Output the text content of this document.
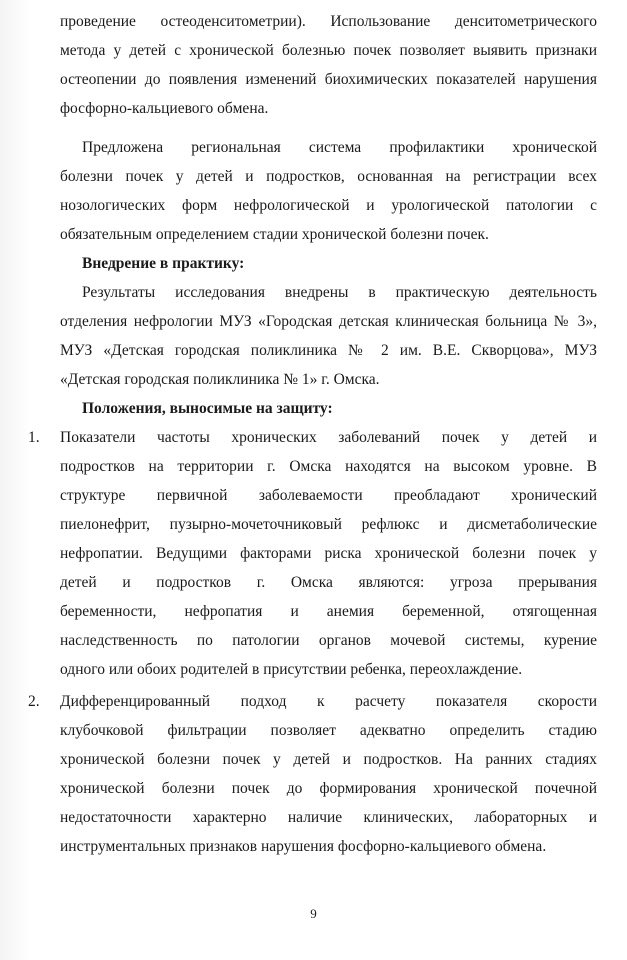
проведение остеоденситометрии). Использование денситометрического
метода у детей с хронической болезнью почек позволяет выявить признаки
остеопении до появления изменений биохимических показателей нарушения
фосфорно-кальциевого обмена.
Предложена региональная система профилактики хронической
болезни почек у детей и подростков, основанная на регистрации всех
нозологических форм нефрологической и урологической патологии с
обязательным определением стадии хронической болезни почек.
Внедрение в практику:
Результаты исследования внедрены в практическую деятельность
отделения нефрологии МУЗ «Городская детская клиническая больница № 3»,
МУЗ «Детская городская поликлиника № 2 им. В.Е. Скворцова», МУЗ
«Детская городская поликлиника № 1» г. Омска.
Положения, выносимые на защиту:
1. Показатели частоты хронических заболеваний почек у детей и
подростков на территории г. Омска находятся на высоком уровне. В
структуре первичной заболеваемости преобладают хронический
пиелонефрит, пузырно-мочеточниковый рефлюкс и дисметаболические
нефропатии. Ведущими факторами риска хронической болезни почек у
детей и подростков г. Омска являются: угроза прерывания
беременности, нефропатия и анемия беременной, отягощенная
наследственность по патологии органов мочевой системы, курение
одного или обоих родителей в присутствии ребенка, переохлаждение.
2. Дифференцированный подход к расчету показателя скорости
клубочковой фильтрации позволяет адекватно определить стадию
хронической болезни почек у детей и подростков. На ранних стадиях
хронической болезни почек до формирования хронической почечной
недостаточности характерно наличие клинических, лабораторных и
инструментальных признаков нарушения фосфорно-кальциевого обмена.
9
